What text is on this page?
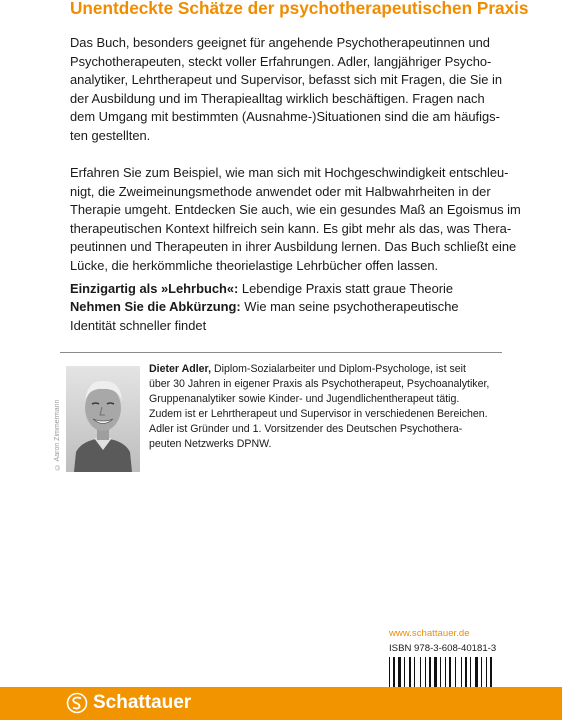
Unentdeckte Schätze der psychotherapeutischen Praxis

Das Buch, besonders geeignet für angehende Psychotherapeutinnen und
Psychotherapeuten, steckt voller Erfahrungen. Adler, langjähriger Psycho-
analytiker, Lehrtherapeut und Supervisor, befasst sich mit Fragen, die Sie in
der Ausbildung und im Therapiealltag wirklich beschäftigen. Fragen nach
dem Umgang mit bestimmten (Ausnahme-)Situationen sind die am häufigs-
ten gestellten.

Erfahren Sie zum Beispiel, wie man sich mit Hochgeschwindigkeit entschleu-
nigt, die Zweimeinungsmethode anwendet oder mit Halbwahrheiten in der
Therapie umgeht. Entdecken Sie auch, wie ein gesundes Maß an Egoismus im
therapeutischen Kontext hilfreich sein kann. Es gibt mehr als das, was Thera-
peutinnen und Therapeuten in ihrer Ausbildung lernen. Das Buch schließt eine
Lücke, die herkömmliche theorielastige Lehrbücher offen lassen.

Einzigartig als »Lehrbuch«: Lebendige Praxis statt graue Theorie

Nehmen Sie die Abkürzung: Wie man seine psychotherapeutische Identität schneller findet

© Aaron Zimmermann

Dieter Adler, Diplom-Sozialarbeiter und Diplom-Psychologe, ist seit
über 30 Jahren in eigener Praxis als Psychotherapeut, Psychoanalytiker,
Gruppenanalytiker sowie Kinder- und Jugendlichentherapeut tätig.
Zudem ist er Lehrtherapeut und Supervisor in verschiedenen Bereichen.
Adler ist Gründer und 1. Vorsitzender des Deutschen Psychothera-
peuten Netzwerks DPNW.

www.schattauer.de
ISBN 978-3-608-40181-3
Schattauer
